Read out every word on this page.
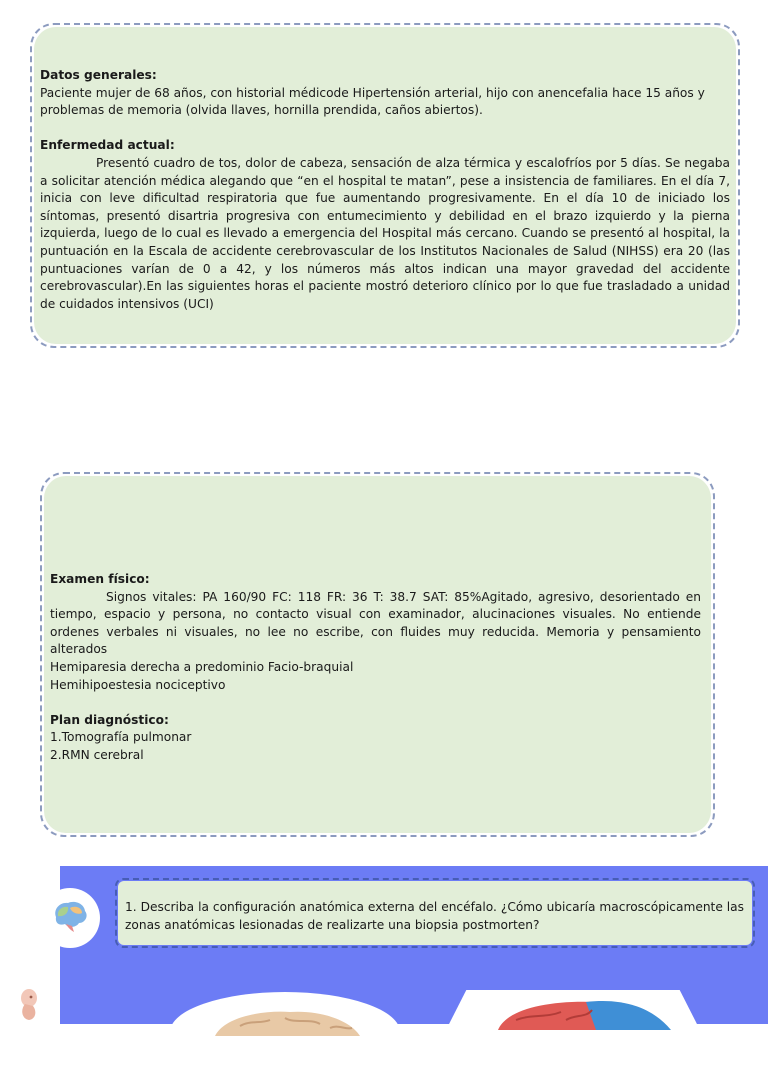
Datos generales:
Paciente mujer de 68 años, con historial médicode Hipertensión arterial, hijo con anencefalia hace 15 años y problemas de memoria (olvida llaves, hornilla prendida, caños abiertos).
Enfermedad actual:
Presentó cuadro de tos, dolor de cabeza, sensación de alza térmica y escalofríos por 5 días. Se negaba a solicitar atención médica alegando que “en el hospital te matan”, pese a insistencia de familiares. En el día 7, inicia con leve dificultad respiratoria que fue aumentando progresivamente. En el día 10 de iniciado los síntomas, presentó disartria progresiva con entumecimiento y debilidad en el brazo izquierdo y la pierna izquierda, luego de lo cual es llevado a emergencia del Hospital más cercano. Cuando se presentó al hospital, la puntuación en la Escala de accidente cerebrovascular de los Institutos Nacionales de Salud (NIHSS) era 20 (las puntuaciones varían de 0 a 42, y los números más altos indican una mayor gravedad del accidente cerebrovascular).En las siguientes horas el paciente mostró deterioro clínico por lo que fue trasladado a unidad de cuidados intensivos (UCI)
Examen físico:
Signos vitales: PA 160/90 FC: 118 FR: 36 T: 38.7 SAT: 85%Agitado, agresivo, desorientado en tiempo, espacio y persona, no contacto visual con examinador, alucinaciones visuales. No entiende ordenes verbales ni visuales, no lee no escribe, con fluides muy reducida. Memoria y pensamiento alterados
Hemiparesia derecha a predominio Facio-braquial
Hemihipoestesia nociceptivo
Plan diagnóstico:
1.Tomografía pulmonar
2.RMN cerebral
1. Describa la configuración anatómica externa del encéfalo. ¿Cómo ubicaría macroscópicamente las zonas anatómicas lesionadas de realizarte una biopsia postmorten?
